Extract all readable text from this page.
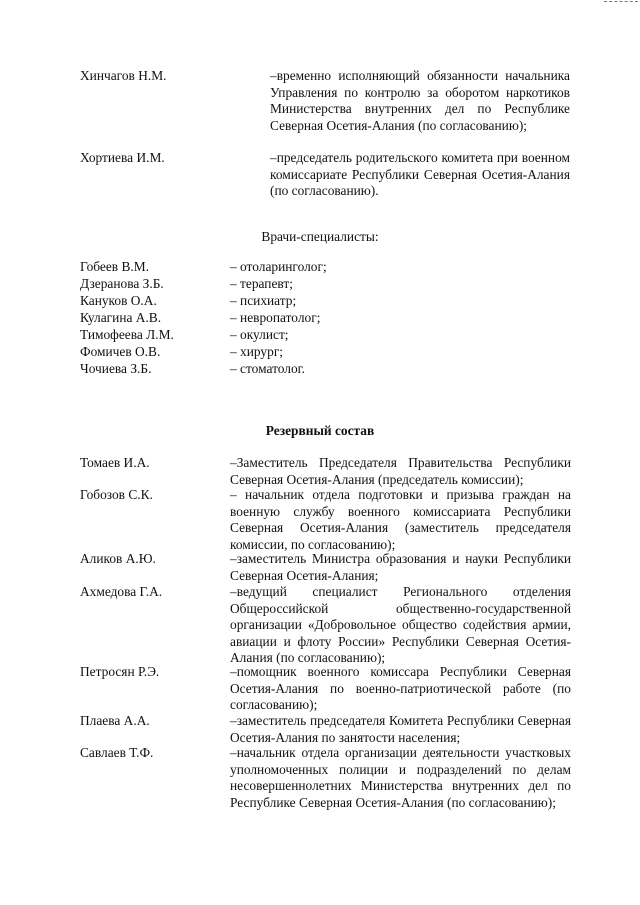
Хинчагов Н.М.	–временно исполняющий обязанности начальника Управления по контролю за оборотом наркотиков Министерства внутренних дел по Республике Северная Осетия-Алания (по согласованию);
Хортиева И.М.	–председатель родительского комитета при военном комиссариате Республики Северная Осетия-Алания (по согласованию).
Врачи-специалисты:
Гобеев В.М.	– отоларинголог;
Дзеранова З.Б.	– терапевт;
Кануков О.А.	– психиатр;
Кулагина А.В.	– невропатолог;
Тимофеева Л.М.	– окулист;
Фомичев О.В.	– хирург;
Чочиева З.Б.	– стоматолог.
Резервный состав
Томаев И.А.	–Заместитель Председателя Правительства Республики Северная Осетия-Алания (председатель комиссии);
Гобозов С.К.	– начальник отдела подготовки и призыва граждан на военную службу военного комиссариата Республики Северная Осетия-Алания (заместитель председателя комиссии, по согласованию);
Аликов А.Ю.	–заместитель Министра образования и науки Республики Северная Осетия-Алания;
Ахмедова Г.А.	–ведущий специалист Регионального отделения Общероссийской общественно-государственной организации «Добровольное общество содействия армии, авиации и флоту России» Республики Северная Осетия-Алания (по согласованию);
Петросян Р.Э.	–помощник военного комиссара Республики Северная Осетия-Алания по военно-патриотической работе (по согласованию);
Плаева А.А.	–заместитель председателя Комитета Республики Северная Осетия-Алания по занятости населения;
Савлаев Т.Ф.	–начальник отдела организации деятельности участковых уполномоченных полиции и подразделений по делам несовершеннолетних Министерства внутренних дел по Республике Северная Осетия-Алания (по согласованию);
